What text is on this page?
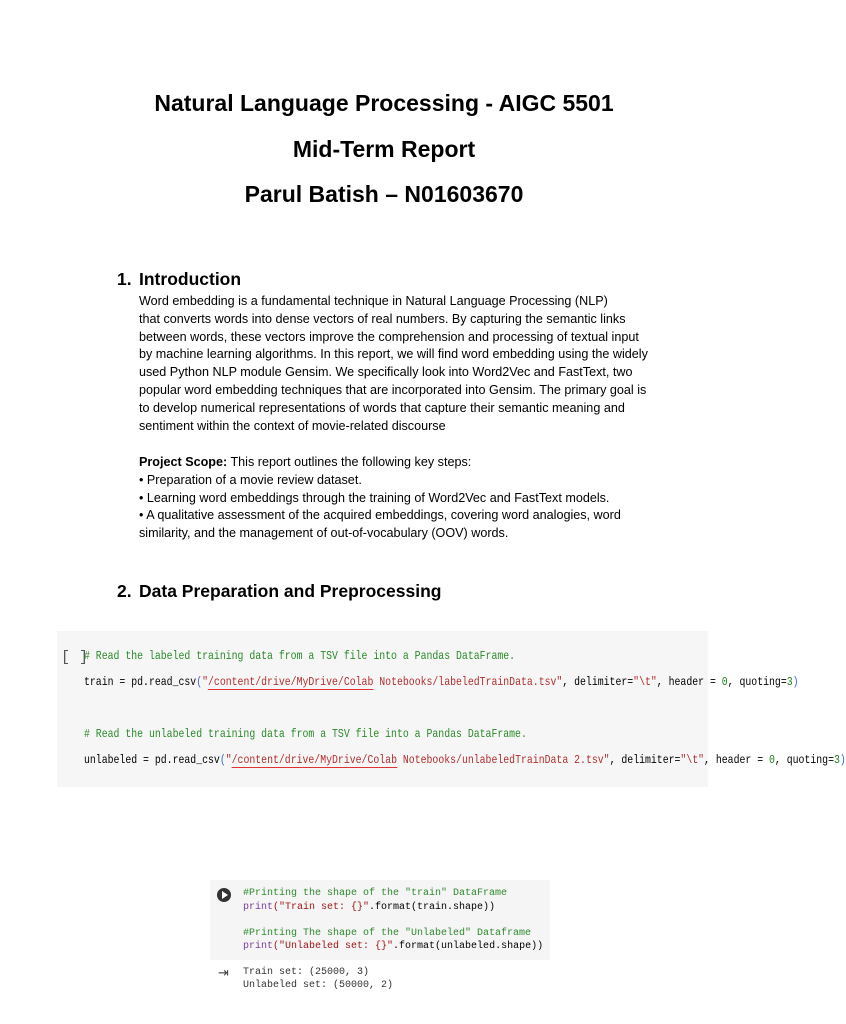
Natural Language Processing - AIGC 5501
Mid-Term Report
Parul Batish – N01603670
1. Introduction
Word embedding is a fundamental technique in Natural Language Processing (NLP)
that converts words into dense vectors of real numbers. By capturing the semantic links
between words, these vectors improve the comprehension and processing of textual input
by machine learning algorithms. In this report, we will find word embedding using the widely
used Python NLP module Gensim. We specifically look into Word2Vec and FastText, two
popular word embedding techniques that are incorporated into Gensim. The primary goal is
to develop numerical representations of words that capture their semantic meaning and
sentiment within the context of movie-related discourse
Project Scope: This report outlines the following key steps:
• Preparation of a movie review dataset.
• Learning word embeddings through the training of Word2Vec and FastText models.
• A qualitative assessment of the acquired embeddings, covering word analogies, word
similarity, and the management of out-of-vocabulary (OOV) words.
2. Data Preparation and Preprocessing
[ ]
# Read the labeled training data from a TSV file into a Pandas DataFrame.
train = pd.read_csv("/content/drive/MyDrive/Colab Notebooks/labeledTrainData.tsv", delimiter="\t", header = 0, quoting=3)
# Read the unlabeled training data from a TSV file into a Pandas DataFrame.
unlabeled = pd.read_csv("/content/drive/MyDrive/Colab Notebooks/unlabeledTrainData 2.tsv", delimiter="\t", header = 0, quoting=3)
#Printing the shape of the "train" DataFrame
print("Train set: {}".format(train.shape))
#Printing The shape of the "Unlabeled" Dataframe
print("Unlabeled set: {}".format(unlabeled.shape))
⇥ Train set: (25000, 3)
Unlabeled set: (50000, 2)
